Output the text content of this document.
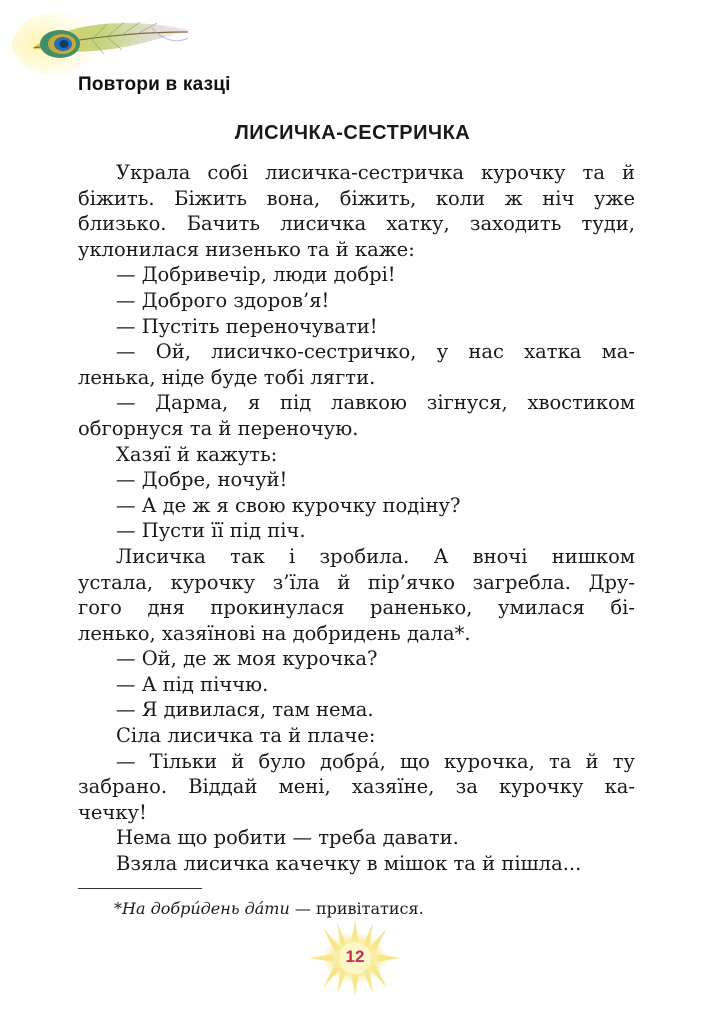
Повтори в казці
ЛИСИЧКА-СЕСТРИЧКА
Украла собі лисичка-сестричка курочку та й
біжить. Біжить вона, біжить, коли ж ніч уже
близько. Бачить лисичка хатку, заходить туди,
уклонилася низенько та й каже:
— Добривечір, люди добрі!
— Доброго здоров’я!
— Пустіть переночувати!
— Ой, лисичко-сестричко, у нас хатка ма-
ленька, ніде буде тобі лягти.
— Дарма, я під лавкою зігнуся, хвостиком
обгорнуся та й переночую.
Хазяї й кажуть:
— Добре, ночуй!
— А де ж я свою курочку подіну?
— Пусти її під піч.
Лисичка так і зробила. А вночі нишком
устала, курочку з’їла й пір’ячко загребла. Дру-
гого дня прокинулася раненько, умилася бі-
ленько, хазяїнові на добридень дала*.
— Ой, де ж моя курочка?
— А під піччю.
— Я дивилася, там нема.
Сіла лисичка та й плаче:
— Тільки й було добрá, що курочка, та й ту
забрано. Віддай мені, хазяїне, за курочку ка-
чечку!
Нема що робити — треба давати.
Взяла лисичка качечку в мішок та й пішла...

*На добри́день да́ти — привітатися.

12
